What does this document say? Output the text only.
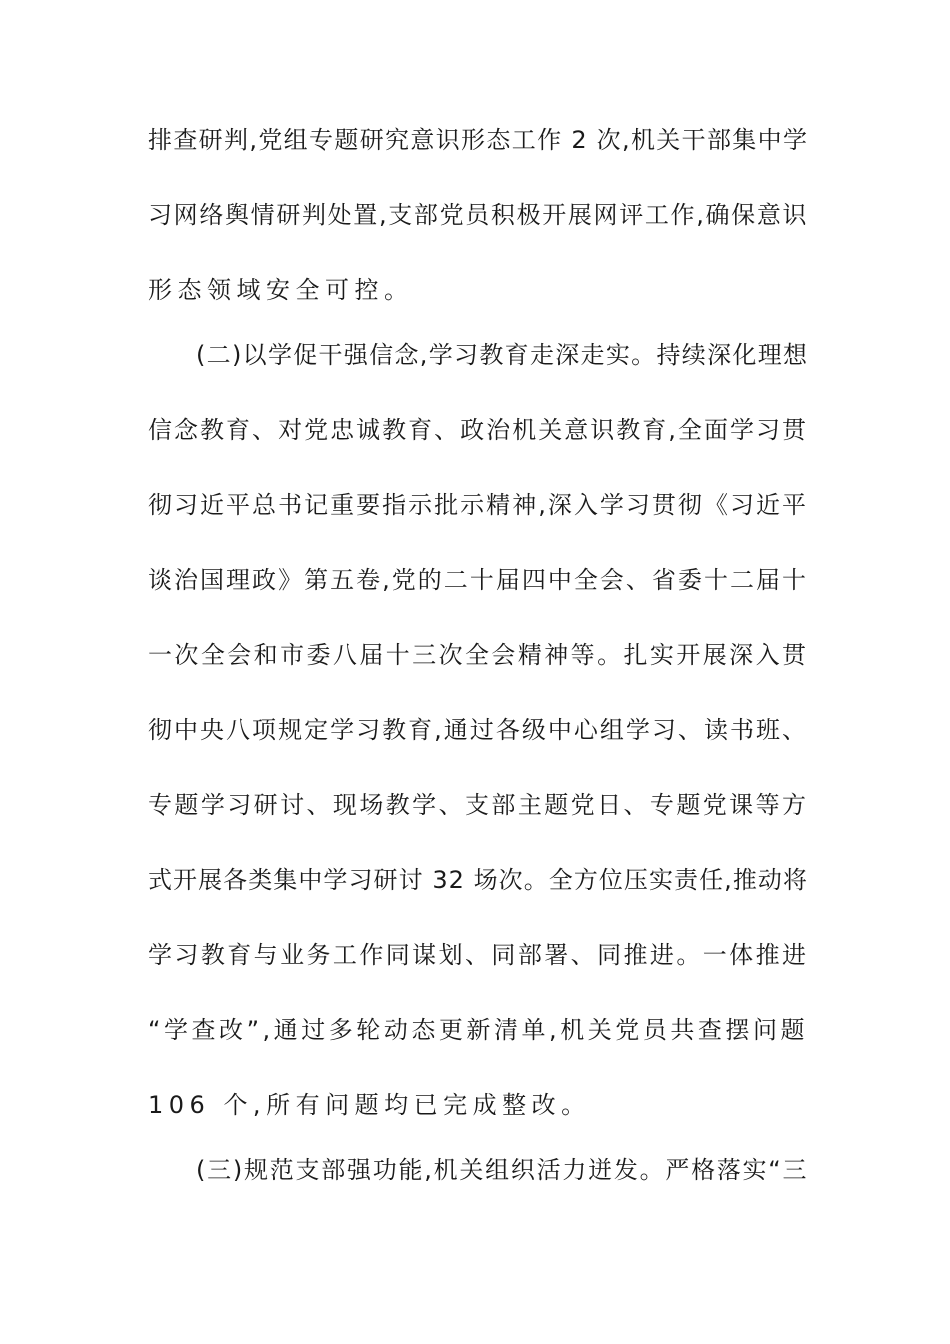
排查研判,党组专题研究意识形态工作 2 次,机关干部集中学
习网络舆情研判处置,支部党员积极开展网评工作,确保意识
形态领域安全可控。
(二)以学促干强信念,学习教育走深走实。持续深化理想
信念教育、对党忠诚教育、政治机关意识教育,全面学习贯
彻习近平总书记重要指示批示精神,深入学习贯彻《习近平
谈治国理政》第五卷,党的二十届四中全会、省委十二届十
一次全会和市委八届十三次全会精神等。扎实开展深入贯
彻中央八项规定学习教育,通过各级中心组学习、读书班、
专题学习研讨、现场教学、支部主题党日、专题党课等方
式开展各类集中学习研讨 32 场次。全方位压实责任,推动将
学习教育与业务工作同谋划、同部署、同推进。一体推进
“学查改”,通过多轮动态更新清单,机关党员共查摆问题
106 个,所有问题均已完成整改。
(三)规范支部强功能,机关组织活力迸发。严格落实“三
